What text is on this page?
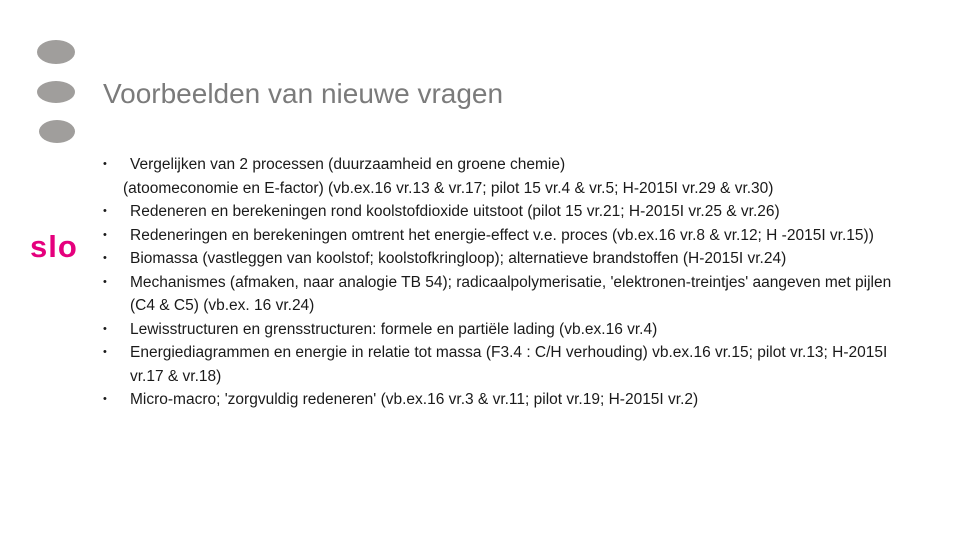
Voorbeelden van nieuwe vragen
slo
• Vergelijken van 2 processen (duurzaamheid en groene chemie)
(atoomeconomie en E-factor) (vb.ex.16 vr.13 & vr.17; pilot 15 vr.4 & vr.5; H-2015I vr.29 & vr.30)
• Redeneren en berekeningen rond koolstofdioxide uitstoot (pilot 15 vr.21; H-2015I vr.25 & vr.26)
• Redeneringen en berekeningen omtrent het energie-effect v.e. proces (vb.ex.16 vr.8 & vr.12; H -2015I vr.15))
• Biomassa (vastleggen van koolstof; koolstofkringloop); alternatieve brandstoffen (H-2015I vr.24)
• Mechanismes (afmaken, naar analogie TB 54); radicaalpolymerisatie, 'elektronen-treintjes' aangeven met pijlen (C4 & C5) (vb.ex. 16 vr.24)
• Lewisstructuren en grensstructuren: formele en partiële lading (vb.ex.16 vr.4)
• Energiediagrammen en energie in relatie tot massa (F3.4 : C/H verhouding) vb.ex.16 vr.15; pilot vr.13; H-2015I vr.17 & vr.18)
• Micro-macro; 'zorgvuldig redeneren' (vb.ex.16 vr.3 & vr.11; pilot vr.19; H-2015I vr.2)
